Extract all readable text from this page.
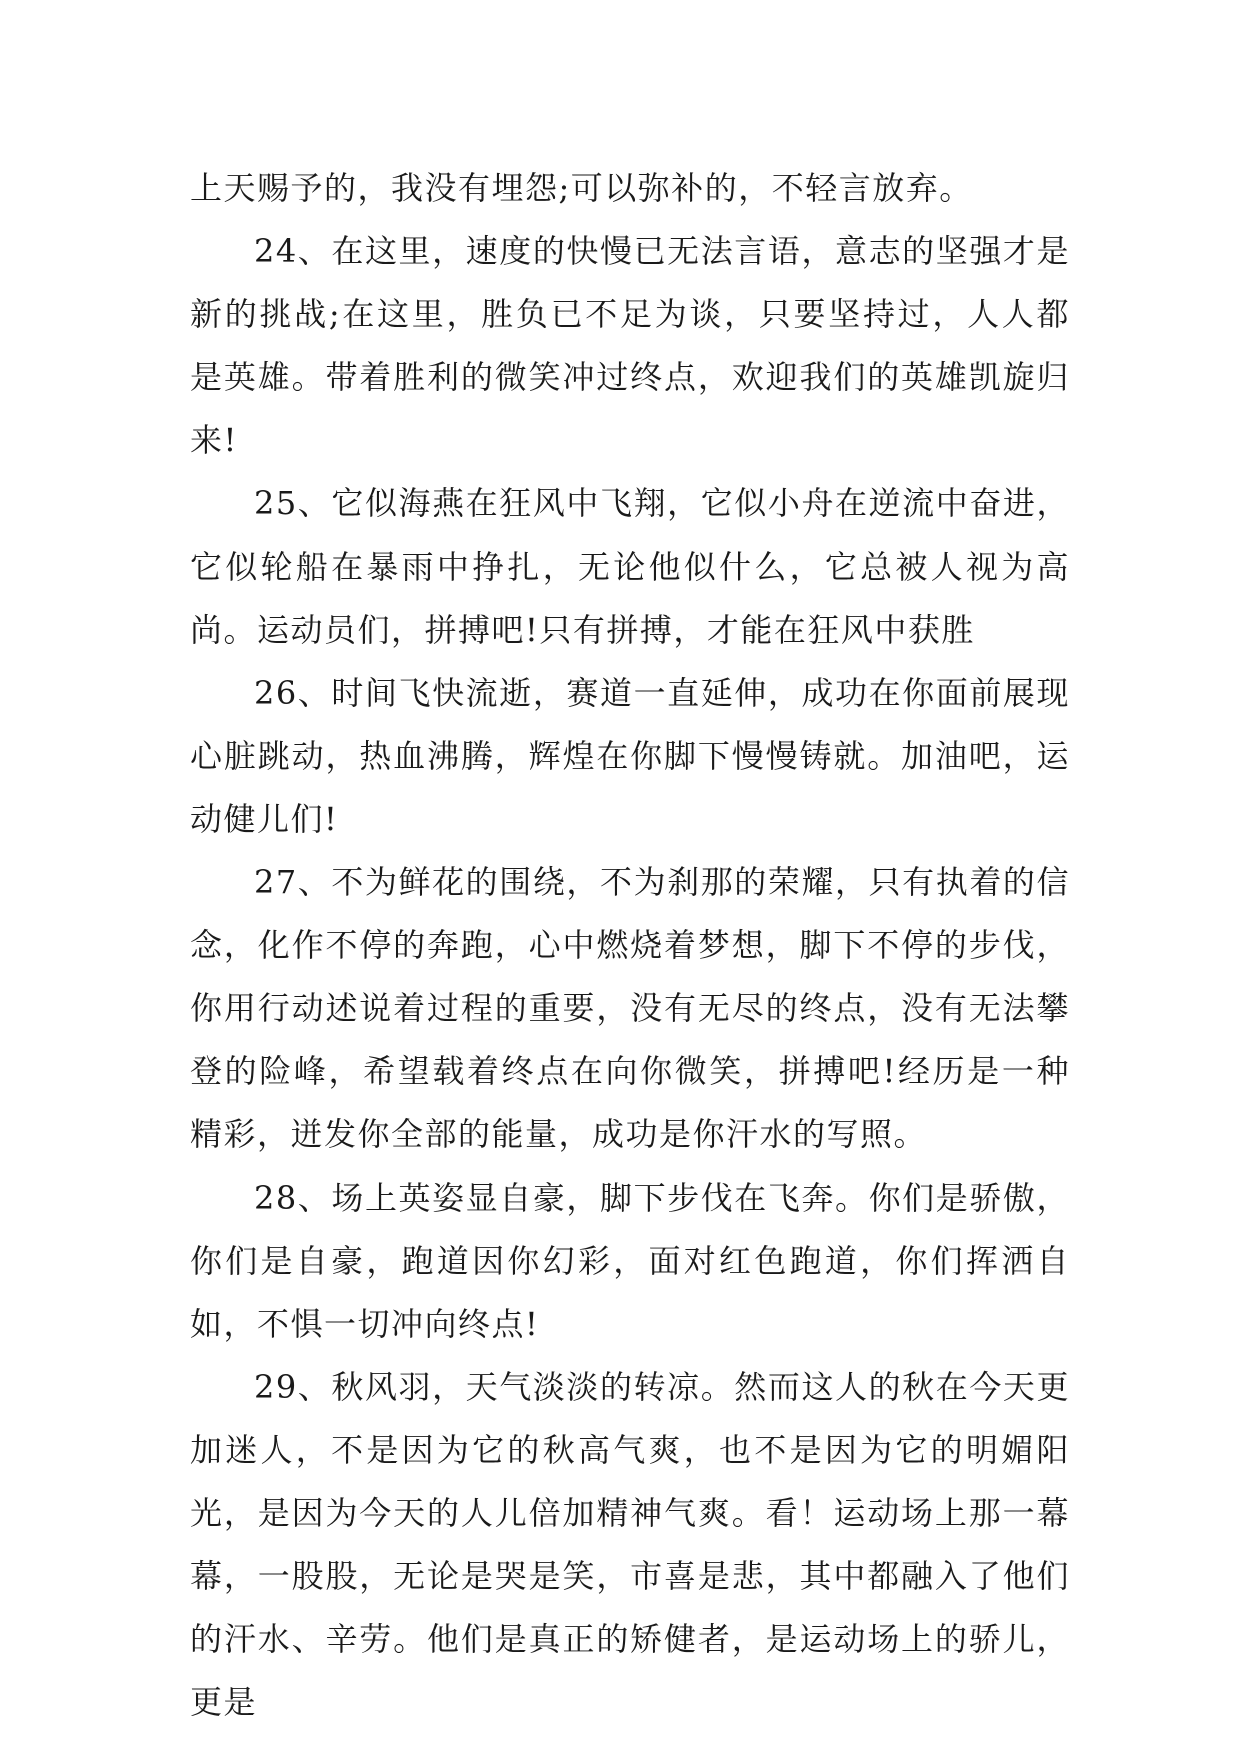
上天赐予的，我没有埋怨;可以弥补的，不轻言放弃。

24、在这里，速度的快慢已无法言语，意志的坚强才是新的挑战;在这里，胜负已不足为谈，只要坚持过，人人都是英雄。带着胜利的微笑冲过终点，欢迎我们的英雄凯旋归来!

25、它似海燕在狂风中飞翔，它似小舟在逆流中奋进，它似轮船在暴雨中挣扎，无论他似什么，它总被人视为高尚。运动员们，拼搏吧!只有拼搏，才能在狂风中获胜

26、时间飞快流逝，赛道一直延伸，成功在你面前展现心脏跳动，热血沸腾，辉煌在你脚下慢慢铸就。加油吧，运动健儿们!

27、不为鲜花的围绕，不为刹那的荣耀，只有执着的信念，化作不停的奔跑，心中燃烧着梦想，脚下不停的步伐，你用行动述说着过程的重要，没有无尽的终点，没有无法攀登的险峰，希望载着终点在向你微笑，拼搏吧!经历是一种精彩，迸发你全部的能量，成功是你汗水的写照。

28、场上英姿显自豪，脚下步伐在飞奔。你们是骄傲，你们是自豪，跑道因你幻彩，面对红色跑道，你们挥洒自如，不惧一切冲向终点!

29、秋风羽，天气淡淡的转凉。然而这人的秋在今天更加迷人，不是因为它的秋高气爽，也不是因为它的明媚阳光，是因为今天的人儿倍加精神气爽。看！运动场上那一幕幕，一股股，无论是哭是笑，市喜是悲，其中都融入了他们的汗水、辛劳。他们是真正的矫健者，是运动场上的骄儿，更是
